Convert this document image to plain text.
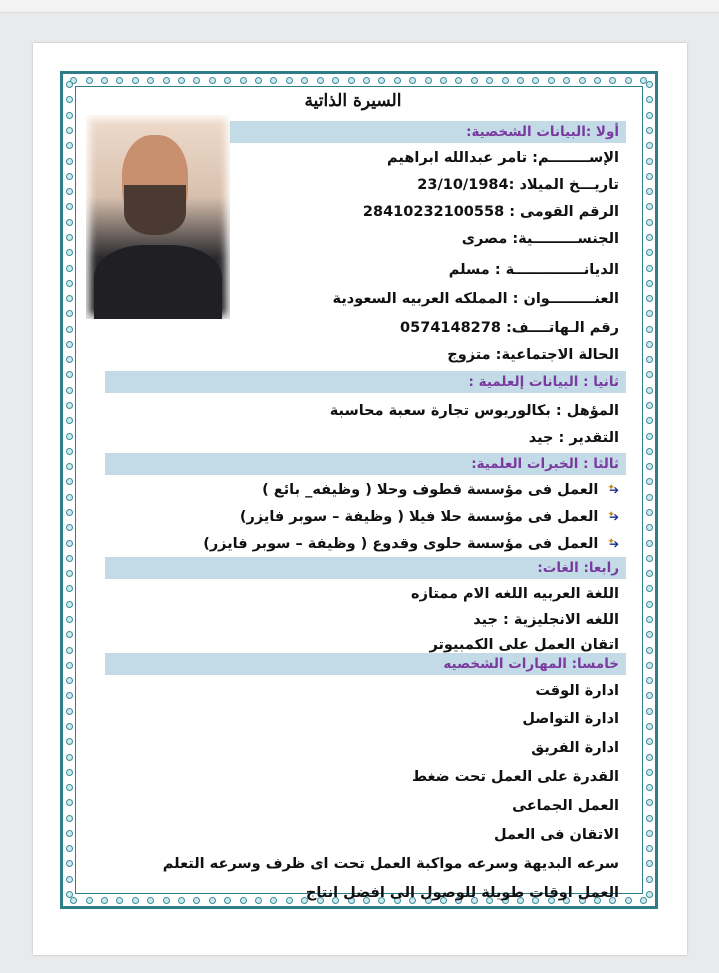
السيرة الذاتية
أولا :البيانات الشخصية:
الإســــــــم: تامر عبدالله ابراهيم
تاريـــخ الميلاد :23/10/1984
الرقم القومى : 28410232100558
الجنســـــــــية: مصرى
الديانــــــــــــــة : مسلم
العنـــــــــوان : المملكه العربيه السعودية
رقم الـهاتــــف: 0574148278
الحالة الاجتماعية: متزوج
ثانيا : البيانات إلعلمية :
المؤهل : بكالوريوس تجارة سعبة محاسبة
التقدير : جيد
ثالثا : الخبرات العلمية:
➔ ✦العمل فى مؤسسة قطوف وحلا ( وظيفه_ بائع )
➔ ✦العمل فى مؤسسة حلا فيلا ( وظيفة – سوبر فايزر)
➔ ✦العمل فى مؤسسة حلوى وقدوع ( وظيفة – سوبر فايزر)
رابعا: الغات:
اللغة العربيه اللغه الام ممتازه
اللغه الانجليزية : جيد
اتقان العمل على الكمبيوتر
خامسا: المهارات الشخصيه
ادارة الوقت
ادارة التواصل
ادارة الفريق
القدرة على العمل تحت ضغط
العمل الجماعى
الاتقان فى العمل
سرعه البديهة وسرعه مواكبة العمل تحت اى ظرف وسرعه التعلم
العمل اوقات طويلة للوصول الى افضل انتاج
